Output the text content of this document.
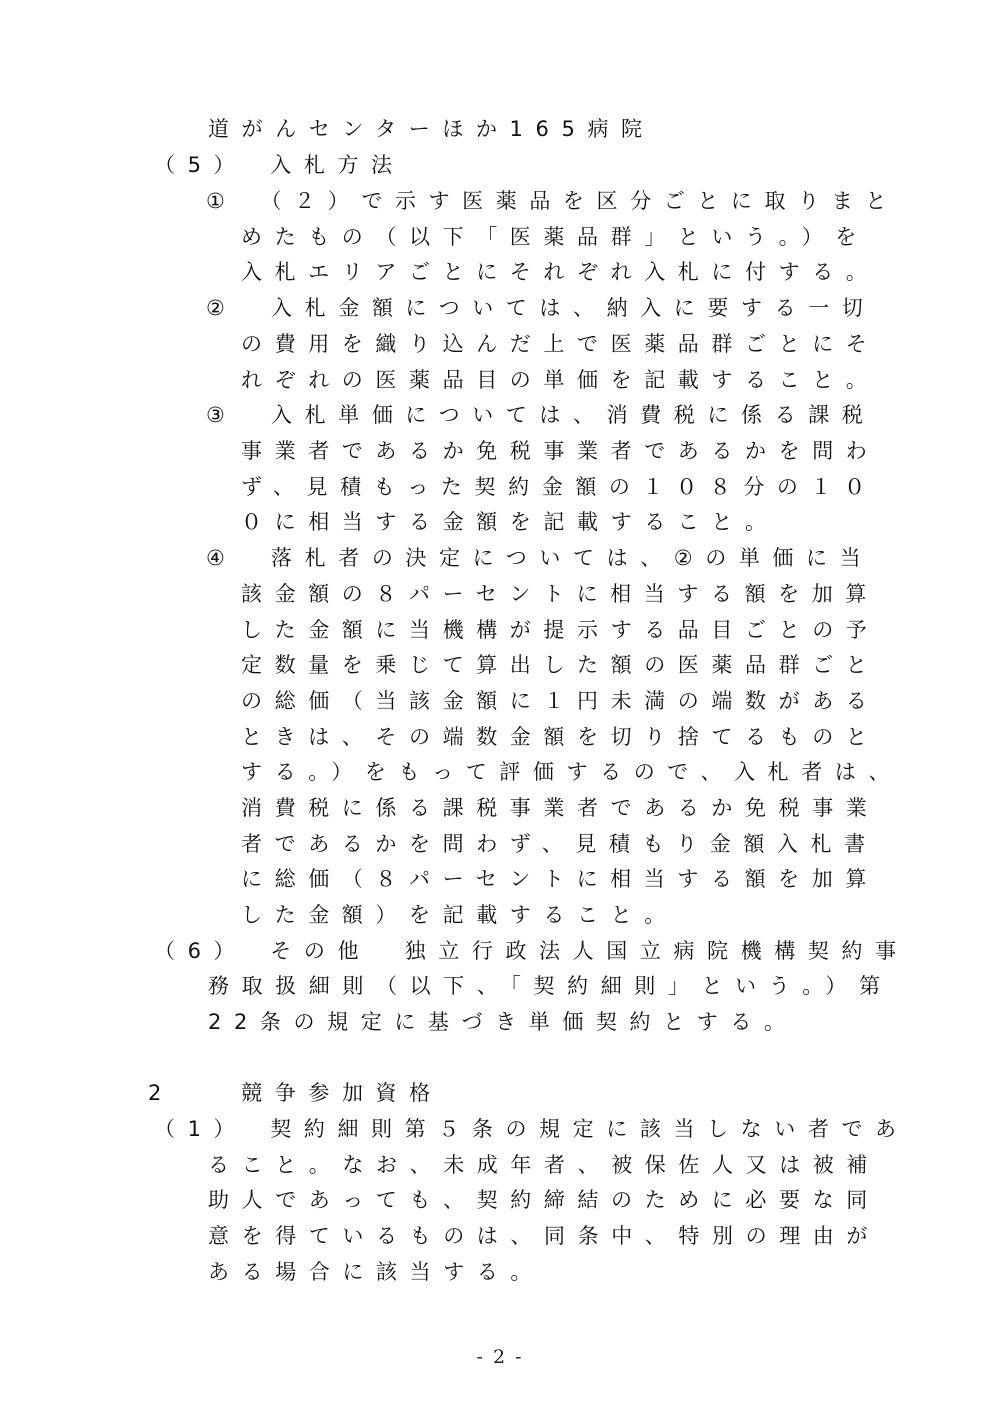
道がんセンターほか165病院
（5）　入札方法
①　（２）で示す医薬品を区分ごとに取りまと
めたもの（以下「医薬品群」という。）を
入札エリアごとにそれぞれ入札に付する。
②　入札金額については、納入に要する一切
の費用を織り込んだ上で医薬品群ごとにそ
れぞれの医薬品目の単価を記載すること。
③　入札単価については、消費税に係る課税
事業者であるか免税事業者であるかを問わ
ず、見積もった契約金額の１０８分の１０
０に相当する金額を記載すること。
④　落札者の決定については、②の単価に当
該金額の８パーセントに相当する額を加算
した金額に当機構が提示する品目ごとの予
定数量を乗じて算出した額の医薬品群ごと
の総価（当該金額に１円未満の端数がある
ときは、その端数金額を切り捨てるものと
する。）をもって評価するので、入札者は、
消費税に係る課税事業者であるか免税事業
者であるかを問わず、見積もり金額入札書
に総価（８パーセントに相当する額を加算
した金額）を記載すること。
（6）　その他　独立行政法人国立病院機構契約事
務取扱細則（以下、「契約細則」という。）第
22条の規定に基づき単価契約とする。
2　　競争参加資格
（1）　契約細則第５条の規定に該当しない者であ
ること。なお、未成年者、被保佐人又は被補
助人であっても、契約締結のために必要な同
意を得ているものは、同条中、特別の理由が
ある場合に該当する。
- 2 -
